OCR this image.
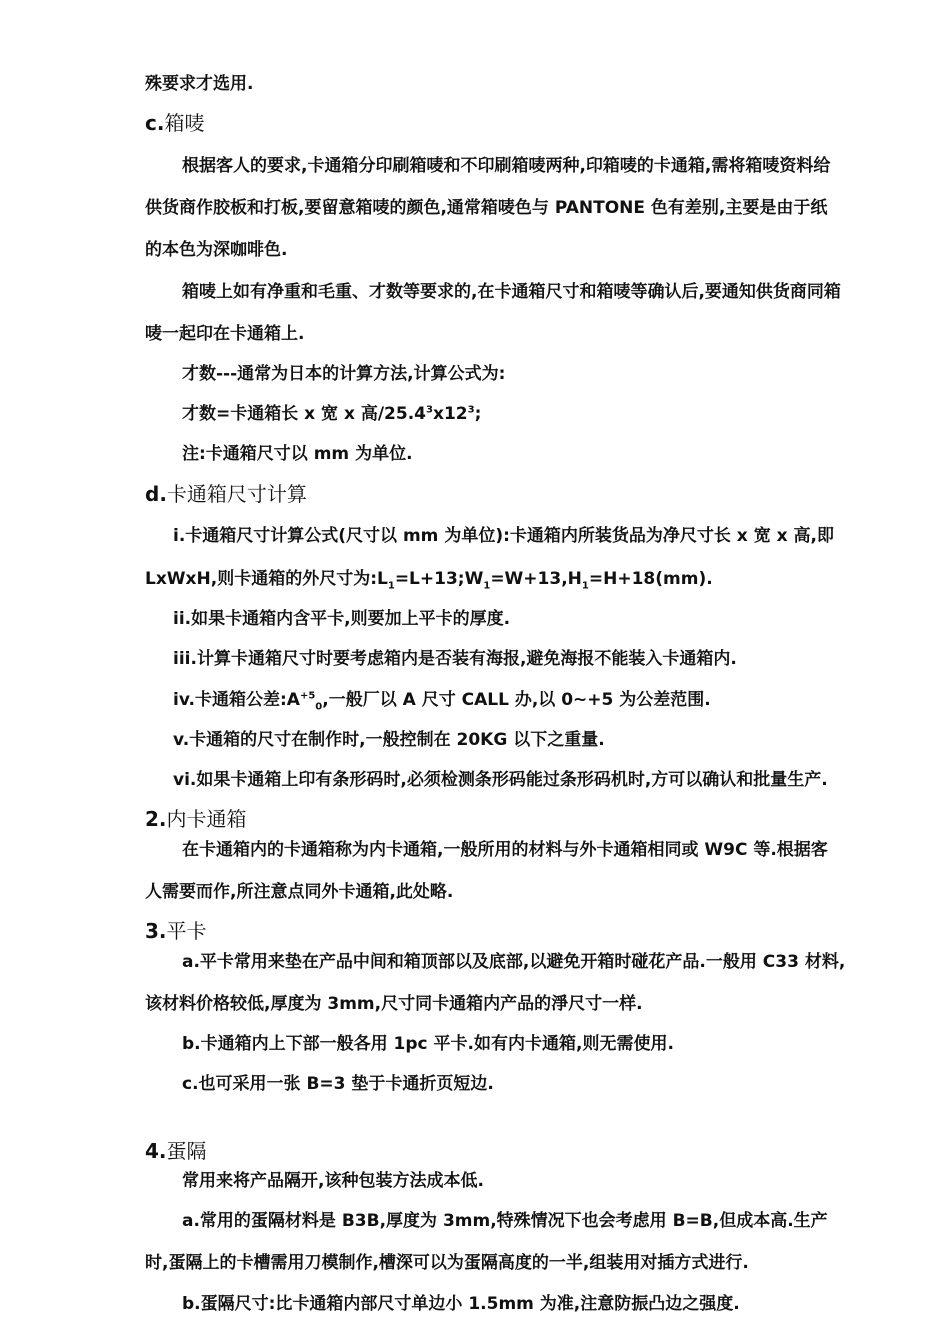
殊要求才选用.
c.箱唛
根据客人的要求,卡通箱分印刷箱唛和不印刷箱唛两种,印箱唛的卡通箱,需将箱唛资料给
供货商作胶板和打板,要留意箱唛的颜色,通常箱唛色与 PANTONE 色有差别,主要是由于纸
的本色为深咖啡色.
箱唛上如有净重和毛重、才数等要求的,在卡通箱尺寸和箱唛等确认后,要通知供货商同箱
唛一起印在卡通箱上.
才数---通常为日本的计算方法,计算公式为:
才数=卡通箱长 x 宽 x 高$/25.4^3x12^3$;
注:卡通箱尺寸以 mm 为单位.
d.卡通箱尺寸计算
i.卡通箱尺寸计算公式(尺寸以 mm 为单位):卡通箱内所装货品为净尺寸长 x 宽 x 高,即
LxWxH,则卡通箱的外尺寸为$:L_1=L+13;W_1=W+13,H_1=H+18(mm)$.
ii.如果卡通箱内含平卡,则要加上平卡的厚度.
iii.计算卡通箱尺寸时要考虑箱内是否装有海报,避免海报不能装入卡通箱内.
iv.卡通箱公差$:A^{+5}_0$,一般厂以 A 尺寸 CALL 办,以 0~+5 为公差范围.
v.卡通箱的尺寸在制作时,一般控制在 20KG 以下之重量.
vi.如果卡通箱上印有条形码时,必须检测条形码能过条形码机时,方可以确认和批量生产.
2.内卡通箱
在卡通箱内的卡通箱称为内卡通箱,一般所用的材料与外卡通箱相同或 W9C 等.根据客
人需要而作,所注意点同外卡通箱,此处略.
3.平卡
a.平卡常用来垫在产品中间和箱顶部以及底部,以避免开箱时碰花产品.一般用 C33 材料,
该材料价格较低,厚度为 3mm,尺寸同卡通箱内产品的淨尺寸一样.
b.卡通箱内上下部一般各用 1pc 平卡.如有内卡通箱,则无需使用.
c.也可采用一张 B=3 垫于卡通折页短边.
4.蛋隔
常用来将产品隔开,该种包装方法成本低.
a.常用的蛋隔材料是 B3B,厚度为 3mm,特殊情况下也会考虑用 B=B,但成本高.生产
时,蛋隔上的卡槽需用刀模制作,槽深可以为蛋隔高度的一半,组装用对插方式进行.
b.蛋隔尺寸:比卡通箱内部尺寸单边小 1.5mm 为准,注意防振凸边之强度.
